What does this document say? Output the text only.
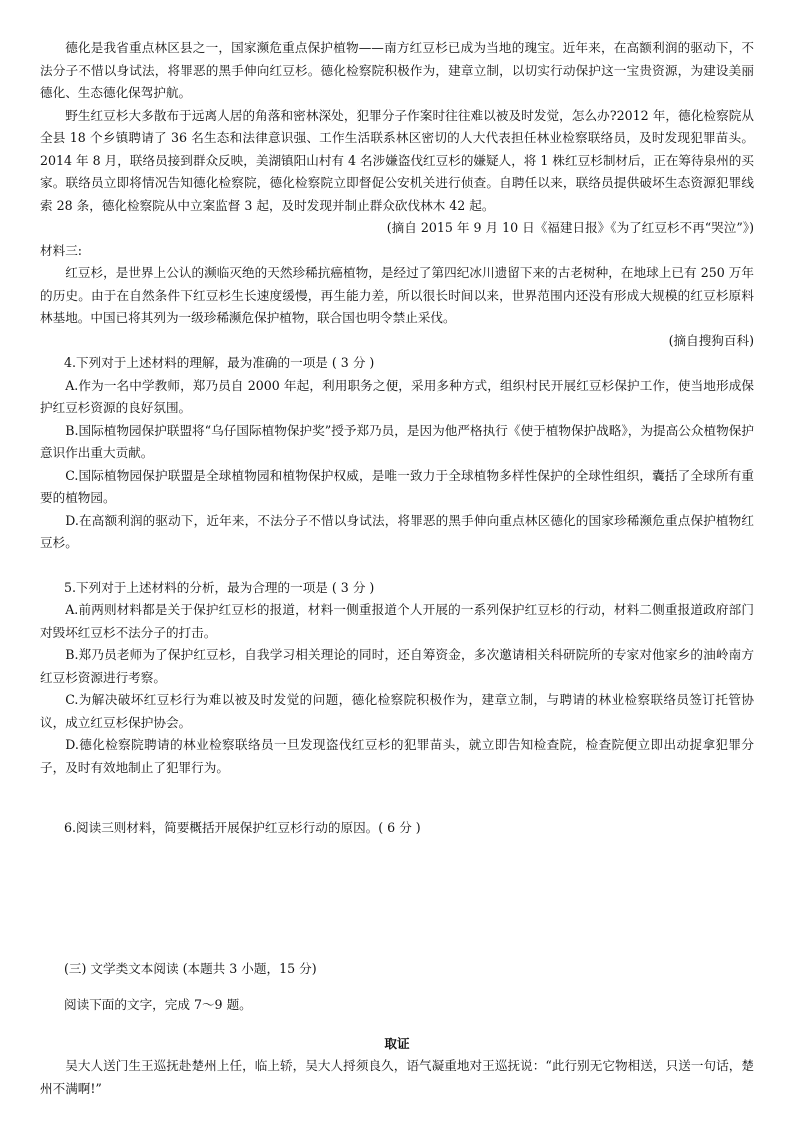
德化是我省重点林区县之一，国家濒危重点保护植物——南方红豆杉已成为当地的瑰宝。近年来，在高额利润的驱动下，不法分子不惜以身试法，将罪恶的黑手伸向红豆杉。德化检察院积极作为，建章立制，以切实行动保护这一宝贵资源，为建设美丽德化、生态德化保驾护航。

野生红豆杉大多散布于远离人居的角落和密林深处，犯罪分子作案时往往难以被及时发觉，怎么办?2012 年，德化检察院从全县 18 个乡镇聘请了 36 名生态和法律意识强、工作生活联系林区密切的人大代表担任林业检察联络员，及时发现犯罪苗头。2014 年 8 月，联络员接到群众反映，美湖镇阳山村有 4 名涉嫌盗伐红豆杉的嫌疑人，将 1 株红豆杉制材后，正在筹待泉州的买家。联络员立即将情况告知德化检察院，德化检察院立即督促公安机关进行侦查。自聘任以来，联络员提供破坏生态资源犯罪线索 28 条，德化检察院从中立案监督 3 起，及时发现并制止群众砍伐林木 42 起。

(摘自 2015 年 9 月 10 日《福建日报》《为了红豆杉不再“哭泣”》)

材料三:

红豆杉，是世界上公认的濒临灭绝的天然珍稀抗癌植物，是经过了第四纪冰川遗留下来的古老树种，在地球上已有 250 万年的历史。由于在自然条件下红豆杉生长速度缓慢，再生能力差，所以很长时间以来，世界范围内还没有形成大规模的红豆杉原料林基地。中国已将其列为一级珍稀濒危保护植物，联合国也明令禁止采伐。

(摘自搜狗百科)

4.下列对于上述材料的理解，最为准确的一项是 ( 3 分 )

A.作为一名中学教师，郑乃员自 2000 年起，利用职务之便，采用多种方式，组织村民开展红豆杉保护工作，使当地形成保护红豆杉资源的良好氛围。

B.国际植物园保护联盟将“乌仔国际植物保护奖”授予郑乃员，是因为他严格执行《使于植物保护战略》，为提高公众植物保护意识作出重大贡献。

C.国际植物园保护联盟是全球植物园和植物保护权威，是唯一致力于全球植物多样性保护的全球性组织，囊括了全球所有重要的植物园。

D.在高额利润的驱动下，近年来，不法分子不惜以身试法，将罪恶的黑手伸向重点林区德化的国家珍稀濒危重点保护植物红豆杉。

5.下列对于上述材料的分析，最为合理的一项是 ( 3 分 )

A.前两则材料都是关于保护红豆杉的报道，材料一侧重报道个人开展的一系列保护红豆杉的行动，材料二侧重报道政府部门对毁坏红豆杉不法分子的打击。

B.郑乃员老师为了保护红豆杉，自我学习相关理论的同时，还自筹资金，多次邀请相关科研院所的专家对他家乡的油岭南方红豆杉资源进行考察。

C.为解决破坏红豆杉行为难以被及时发觉的问题，德化检察院积极作为，建章立制，与聘请的林业检察联络员签订托管协议，成立红豆杉保护协会。

D.德化检察院聘请的林业检察联络员一旦发现盗伐红豆杉的犯罪苗头，就立即告知检查院，检查院便立即出动捉拿犯罪分子，及时有效地制止了犯罪行为。

6.阅读三则材料，简要概括开展保护红豆杉行动的原因。( 6 分 )

(三) 文学类文本阅读 (本题共 3 小题，15 分)

阅读下面的文字，完成 7～9 题。

取证

吴大人送门生王巡抚赴楚州上任，临上轿，吴大人捋须良久，语气凝重地对王巡抚说：“此行别无它物相送，只送一句话，楚州不满啊!”
